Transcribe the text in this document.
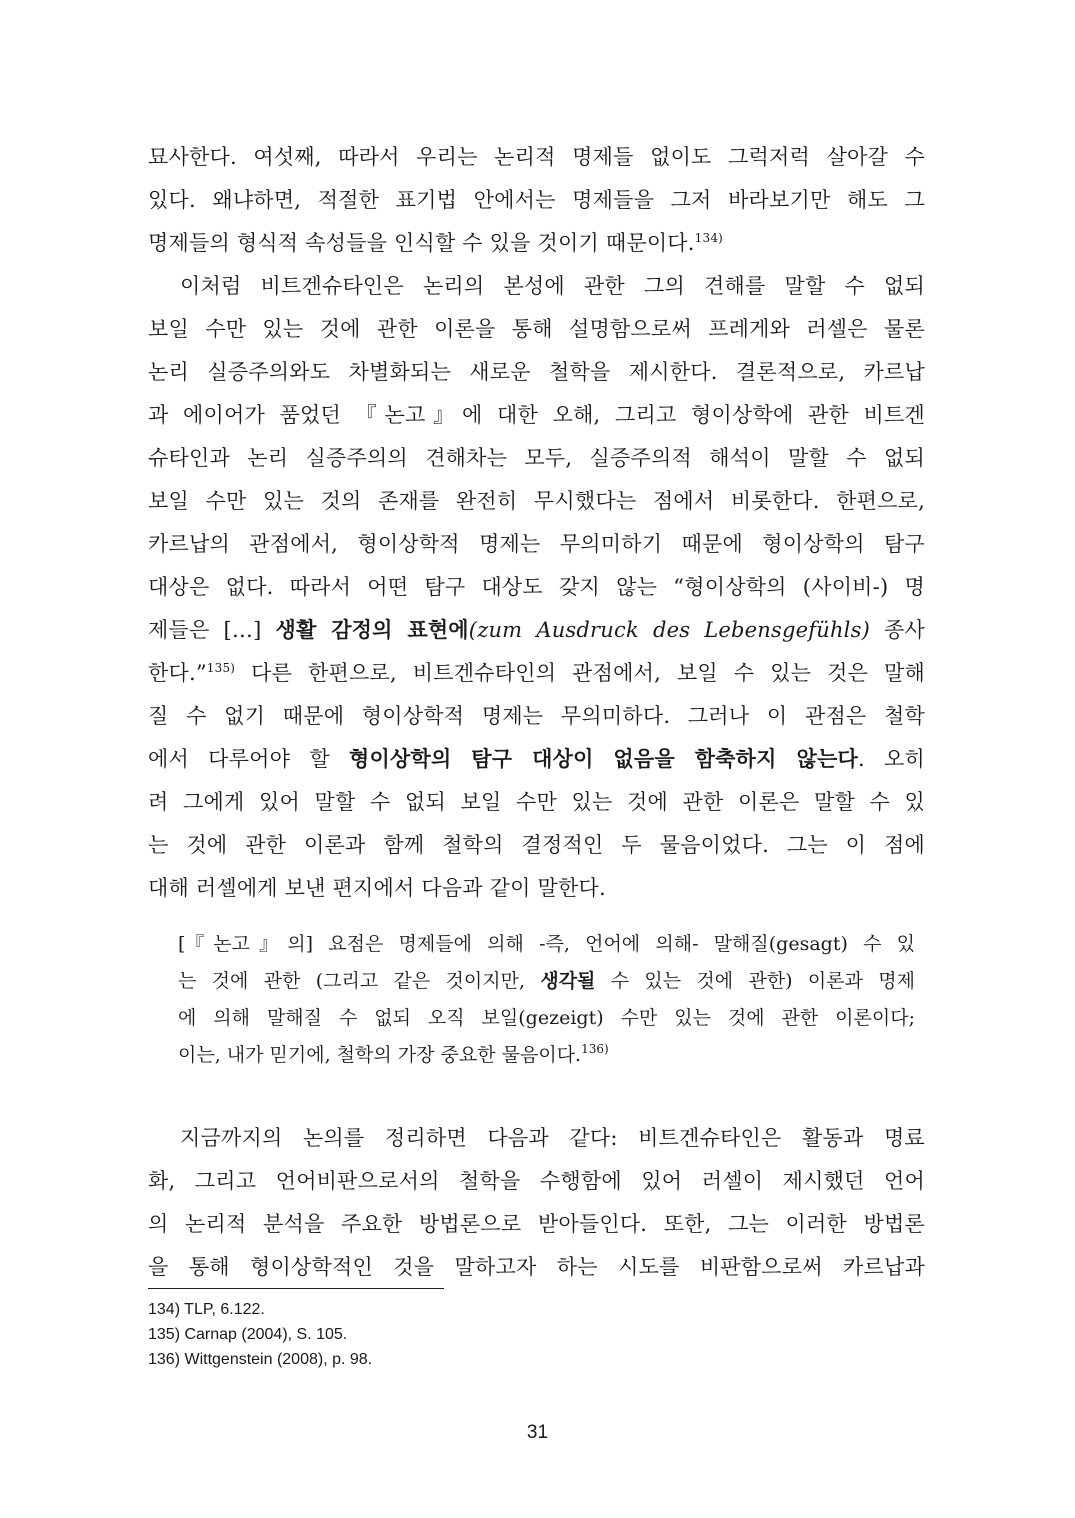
묘사한다. 여섯째, 따라서 우리는 논리적 명제들 없이도 그럭저럭 살아갈 수
있다. 왜냐하면, 적절한 표기법 안에서는 명제들을 그저 바라보기만 해도 그
명제들의 형식적 속성들을 인식할 수 있을 것이기 때문이다.$^{134)}$
이처럼 비트겐슈타인은 논리의 본성에 관한 그의 견해를 말할 수 없되
보일 수만 있는 것에 관한 이론을 통해 설명함으로써 프레게와 러셀은 물론
논리 실증주의와도 차별화되는 새로운 철학을 제시한다. 결론적으로, 카르납
과 에이어가 품었던 『논고』에 대한 오해, 그리고 형이상학에 관한 비트겐
슈타인과 논리 실증주의의 견해차는 모두, 실증주의적 해석이 말할 수 없되
보일 수만 있는 것의 존재를 완전히 무시했다는 점에서 비롯한다. 한편으로,
카르납의 관점에서, 형이상학적 명제는 무의미하기 때문에 형이상학의 탐구
대상은 없다. 따라서 어떤 탐구 대상도 갖지 않는 “형이상학의 (사이비-) 명
제들은 […] 생활 감정의 표현에(zum Ausdruck des Lebensgefühls) 종사
한다.”$^{135)}$ 다른 한편으로, 비트겐슈타인의 관점에서, 보일 수 있는 것은 말해
질 수 없기 때문에 형이상학적 명제는 무의미하다. 그러나 이 관점은 철학
에서 다루어야 할 형이상학의 탐구 대상이 없음을 함축하지 않는다. 오히
려 그에게 있어 말할 수 없되 보일 수만 있는 것에 관한 이론은 말할 수 있
는 것에 관한 이론과 함께 철학의 결정적인 두 물음이었다. 그는 이 점에
대해 러셀에게 보낸 편지에서 다음과 같이 말한다.
[『논고』의] 요점은 명제들에 의해 -즉, 언어에 의해- 말해질(gesagt) 수 있
는 것에 관한 (그리고 같은 것이지만, 생각될 수 있는 것에 관한) 이론과 명제
에 의해 말해질 수 없되 오직 보일(gezeigt) 수만 있는 것에 관한 이론이다;
이는, 내가 믿기에, 철학의 가장 중요한 물음이다.$^{136)}$
지금까지의 논의를 정리하면 다음과 같다: 비트겐슈타인은 활동과 명료
화, 그리고 언어비판으로서의 철학을 수행함에 있어 러셀이 제시했던 언어
의 논리적 분석을 주요한 방법론으로 받아들인다. 또한, 그는 이러한 방법론
을 통해 형이상학적인 것을 말하고자 하는 시도를 비판함으로써 카르납과
134) TLP, 6.122.
135) Carnap (2004), S. 105.
136) Wittgenstein (2008), p. 98.
31
